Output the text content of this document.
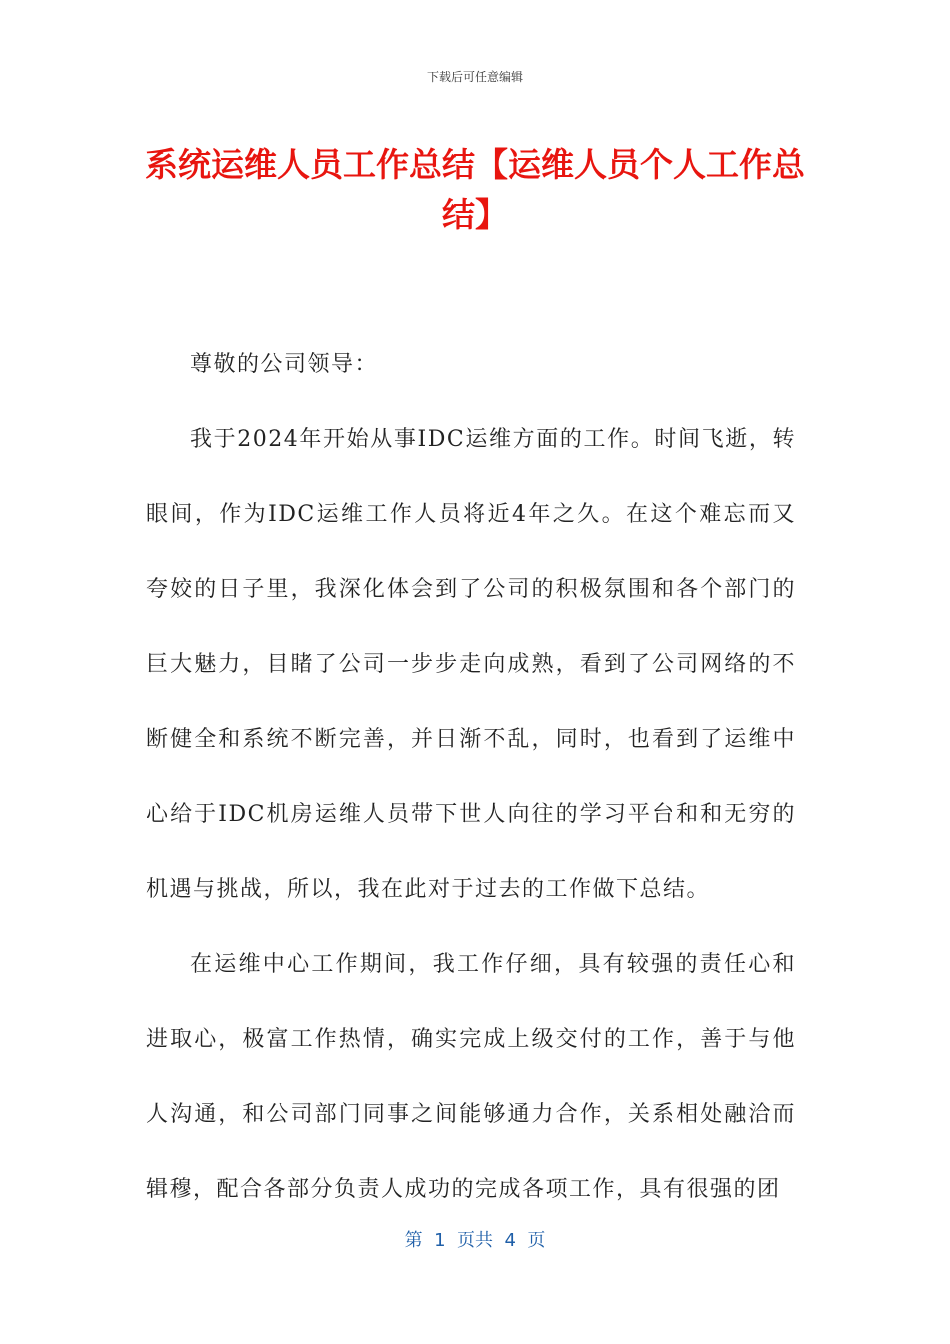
下载后可任意编辑
系统运维人员工作总结【运维人员个人工作总结】

尊敬的公司领导：

我于2024年开始从事IDC运维方面的工作。时间飞逝，转眼间，作为IDC运维工作人员将近4年之久。在这个难忘而又夸姣的日子里，我深化体会到了公司的积极氛围和各个部门的巨大魅力，目睹了公司一步步走向成熟，看到了公司网络的不断健全和系统不断完善，并日渐不乱，同时，也看到了运维中心给于IDC机房运维人员带下世人向往的学习平台和和无穷的机遇与挑战，所以，我在此对于过去的工作做下总结。

在运维中心工作期间，我工作仔细，具有较强的责任心和进取心，极富工作热情，确实完成上级交付的工作，善于与他人沟通，和公司部门同事之间能够通力合作，关系相处融洽而辑穆，配合各部分负责人成功的完成各项工作，具有很强的团

第  1  页共  4  页
